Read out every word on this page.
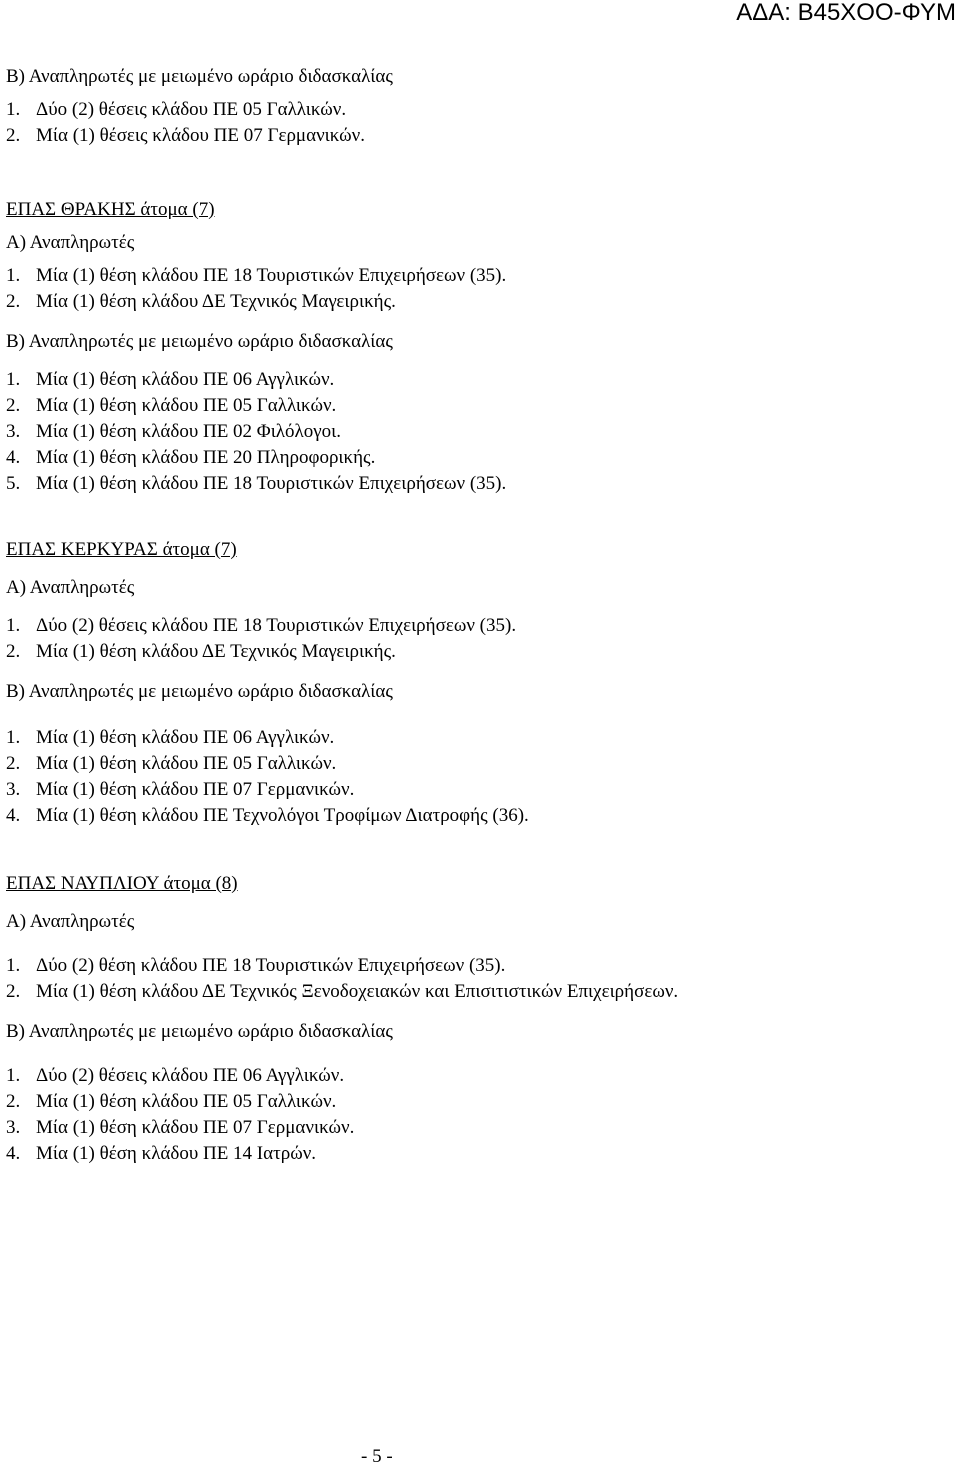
ΑΔΑ: Β45ΧΟΟ-ΦΥΜ

Β) Αναπληρωτές με μειωμένο ωράριο διδασκαλίας

1. Δύο (2) θέσεις κλάδου ΠΕ 05 Γαλλικών.
2. Μία (1) θέσεις κλάδου ΠΕ 07 Γερμανικών.

ΕΠΑΣ ΘΡΑΚΗΣ άτομα (7)

Α) Αναπληρωτές

1. Μία (1) θέση κλάδου ΠΕ 18 Τουριστικών Επιχειρήσεων (35).
2. Μία (1) θέση κλάδου ΔΕ Τεχνικός Μαγειρικής.

Β) Αναπληρωτές με μειωμένο ωράριο διδασκαλίας

1. Μία (1) θέση κλάδου ΠΕ 06 Αγγλικών.
2. Μία (1) θέση κλάδου ΠΕ 05 Γαλλικών.
3. Μία (1) θέση κλάδου ΠΕ 02 Φιλόλογοι.
4. Μία (1) θέση κλάδου ΠΕ 20 Πληροφορικής.
5. Μία (1) θέση κλάδου ΠΕ 18 Τουριστικών Επιχειρήσεων (35).

ΕΠΑΣ ΚΕΡΚΥΡΑΣ άτομα (7)

Α) Αναπληρωτές

1. Δύο (2) θέσεις κλάδου ΠΕ 18 Τουριστικών Επιχειρήσεων (35).
2. Μία (1) θέση κλάδου ΔΕ Τεχνικός Μαγειρικής.

Β) Αναπληρωτές με μειωμένο ωράριο διδασκαλίας

1. Μία (1) θέση κλάδου ΠΕ 06 Αγγλικών.
2. Μία (1) θέση κλάδου ΠΕ 05 Γαλλικών.
3. Μία (1) θέση κλάδου ΠΕ 07 Γερμανικών.
4. Μία (1) θέση κλάδου ΠΕ Τεχνολόγοι Τροφίμων Διατροφής (36).

ΕΠΑΣ ΝΑΥΠΛΙΟΥ άτομα (8)

Α) Αναπληρωτές

1. Δύο (2) θέση κλάδου ΠΕ 18 Τουριστικών Επιχειρήσεων (35).
2. Μία (1) θέση κλάδου ΔΕ Τεχνικός Ξενοδοχειακών και Επισιτιστικών Επιχειρήσεων.

Β) Αναπληρωτές με μειωμένο ωράριο διδασκαλίας

1. Δύο (2) θέσεις κλάδου ΠΕ 06 Αγγλικών.
2. Μία (1) θέση κλάδου ΠΕ 05 Γαλλικών.
3. Μία (1) θέση κλάδου ΠΕ 07 Γερμανικών.
4. Μία (1) θέση κλάδου ΠΕ 14 Ιατρών.
- 5 -
